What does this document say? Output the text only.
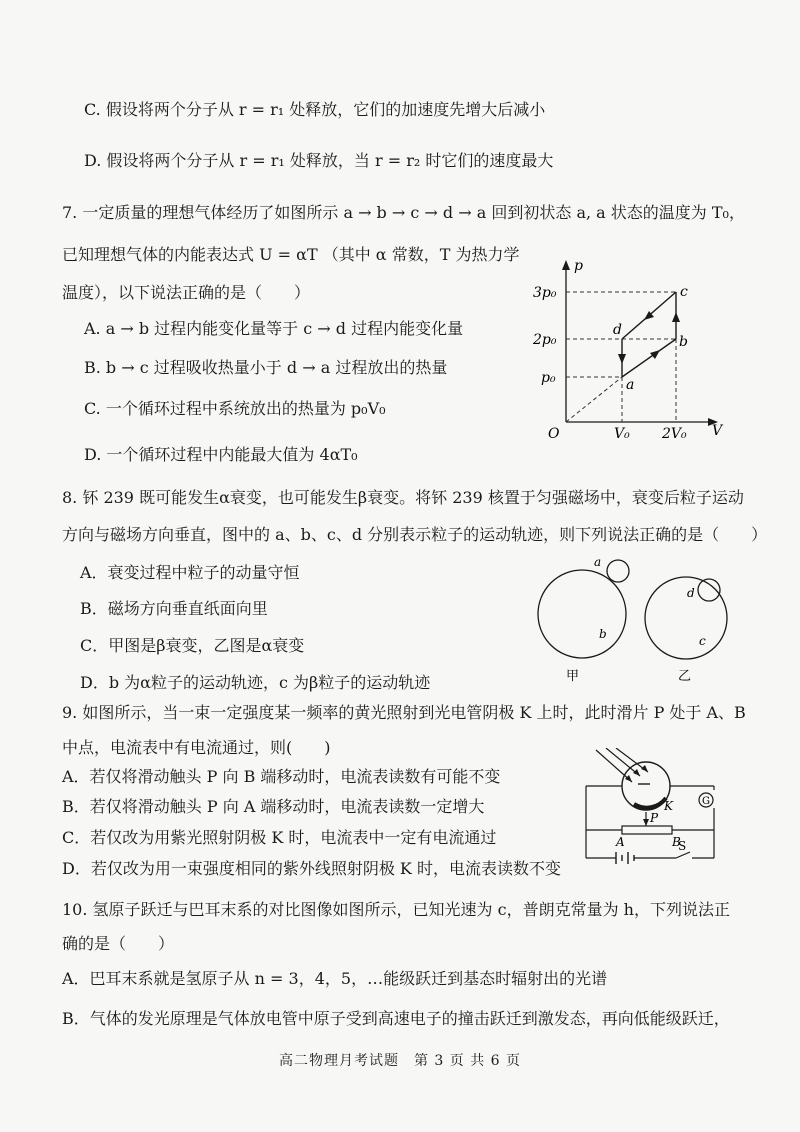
C. 假设将两个分子从 r = r₁ 处释放，它们的加速度先增大后减小
D. 假设将两个分子从 r = r₁ 处释放，当 r = r₂ 时它们的速度最大
7. 一定质量的理想气体经历了如图所示 a → b → c → d → a 回到初状态 a, a 状态的温度为 T₀，
已知理想气体的内能表达式 U = αT （其中 α 常数，T 为热力学
温度），以下说法正确的是（　　）
A. a → b 过程内能变化量等于 c → d 过程内能变化量
B. b → c 过程吸收热量小于 d → a 过程放出的热量
C. 一个循环过程中系统放出的热量为 p₀V₀
D. 一个循环过程中内能最大值为 4αT₀
p
V
O
3p₀
2p₀
p₀
V₀ 2V₀
a
b
c
d
8. 钚 239 既可能发生α衰变，也可能发生β衰变。将钚 239 核置于匀强磁场中，衰变后粒子运动
方向与磁场方向垂直，图中的 a、b、c、d 分别表示粒子的运动轨迹，则下列说法正确的是（　　）
A．衰变过程中粒子的动量守恒
B．磁场方向垂直纸面向里
C．甲图是β衰变，乙图是α衰变
D．b 为α粒子的运动轨迹，c 为β粒子的运动轨迹
a
b
d
c
甲	乙
9. 如图所示，当一束一定强度某一频率的黄光照射到光电管阴极 K 上时，此时滑片 P 处于 A、B
中点，电流表中有电流通过，则(　　)
A．若仅将滑动触头 P 向 B 端移动时，电流表读数有可能不变
B．若仅将滑动触头 P 向 A 端移动时，电流表读数一定增大
C．若仅改为用紫光照射阴极 K 时，电流表中一定有电流通过
D．若仅改为用一束强度相同的紫外线照射阴极 K 时，电流表读数不变
K	G
P
A	B
S
10. 氢原子跃迁与巴耳末系的对比图像如图所示，已知光速为 c，普朗克常量为 h，下列说法正
确的是（　　）
A．巴耳末系就是氢原子从 n = 3，4，5，…能级跃迁到基态时辐射出的光谱
B．气体的发光原理是气体放电管中原子受到高速电子的撞击跃迁到激发态，再向低能级跃迁，
高二物理月考试题　第 3 页 共 6 页
